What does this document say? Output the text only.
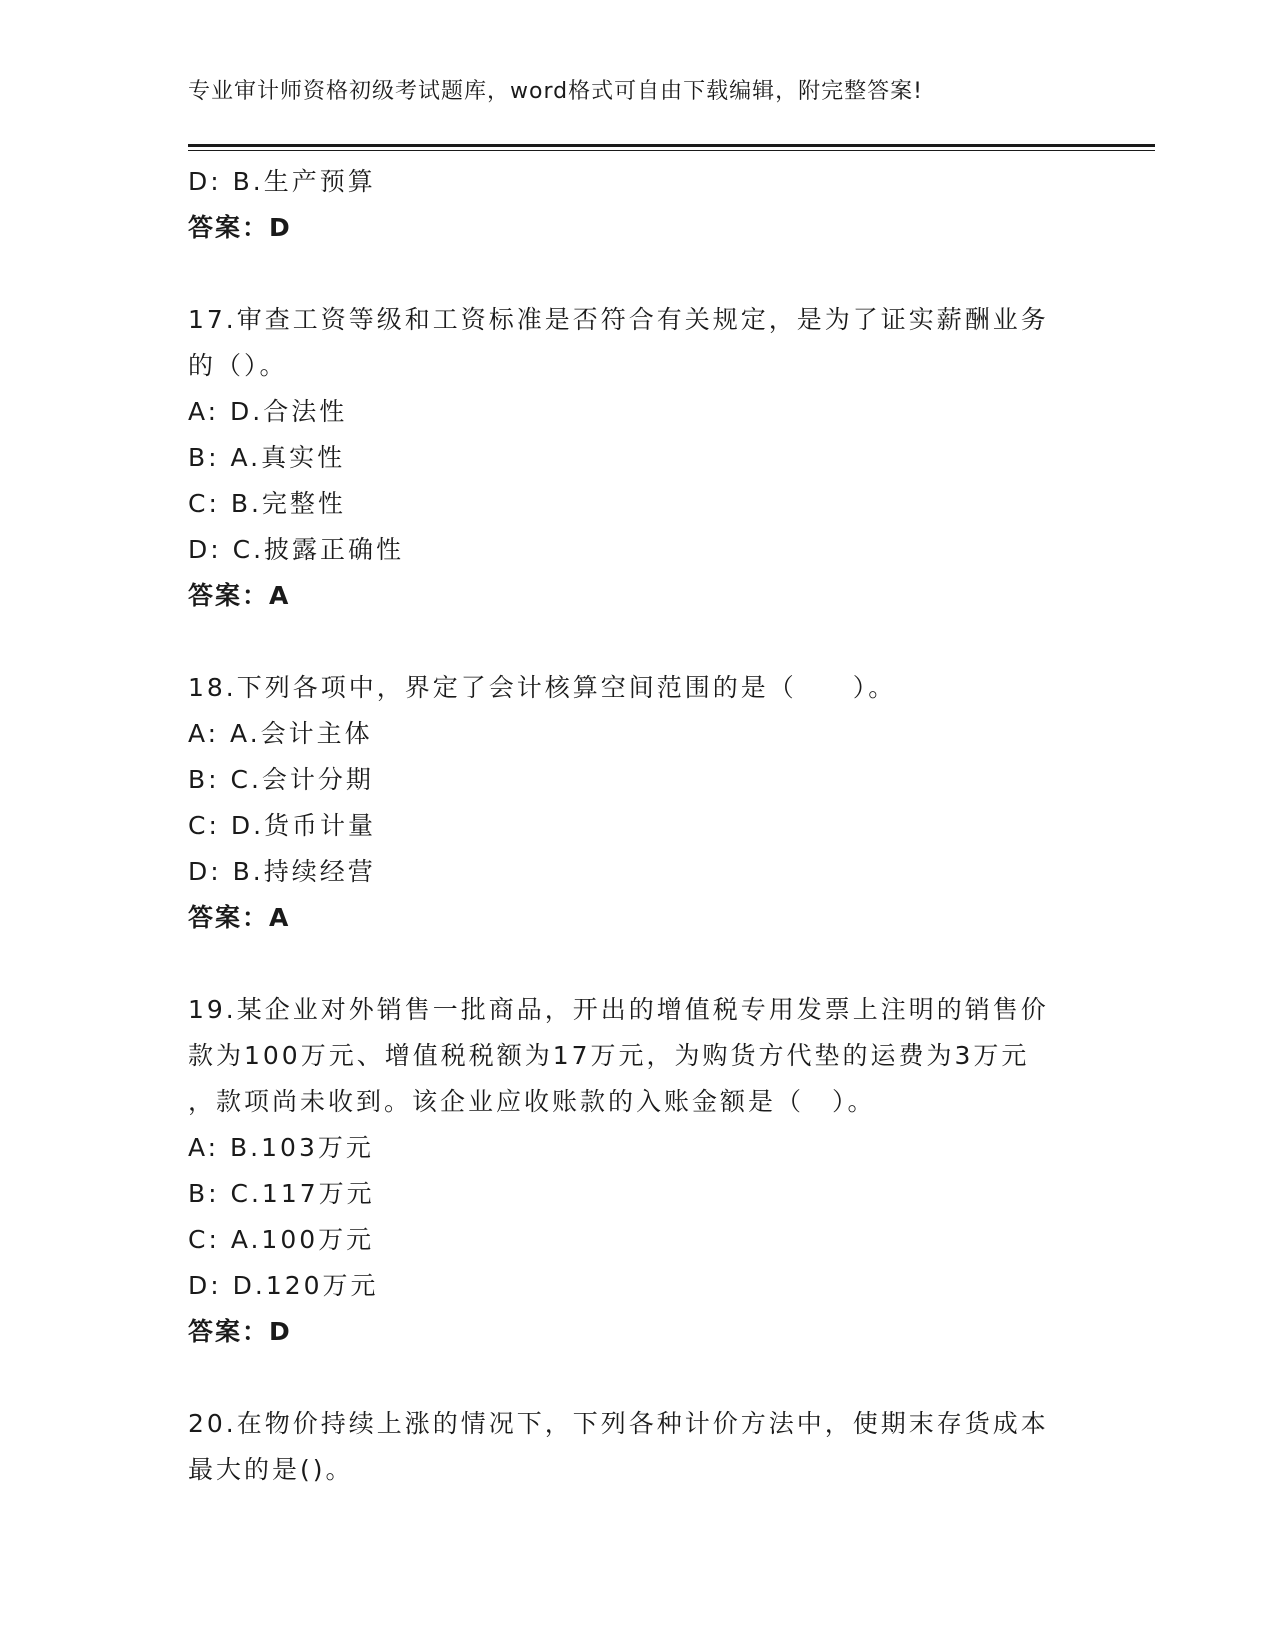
专业审计师资格初级考试题库，word格式可自由下载编辑，附完整答案!
D: B.生产预算
答案：D
17.审查工资等级和工资标准是否符合有关规定，是为了证实薪酬业务
的（）。
A: D.合法性
B: A.真实性
C: B.完整性
D: C.披露正确性
答案：A
18.下列各项中，界定了会计核算空间范围的是（　　）。
A: A.会计主体
B: C.会计分期
C: D.货币计量
D: B.持续经营
答案：A
19.某企业对外销售一批商品，开出的增值税专用发票上注明的销售价
款为100万元、增值税税额为17万元，为购货方代垫的运费为3万元
，款项尚未收到。该企业应收账款的入账金额是（　）。
A: B.103万元
B: C.117万元
C: A.100万元
D: D.120万元
答案：D
20.在物价持续上涨的情况下，下列各种计价方法中，使期末存货成本
最大的是()。
